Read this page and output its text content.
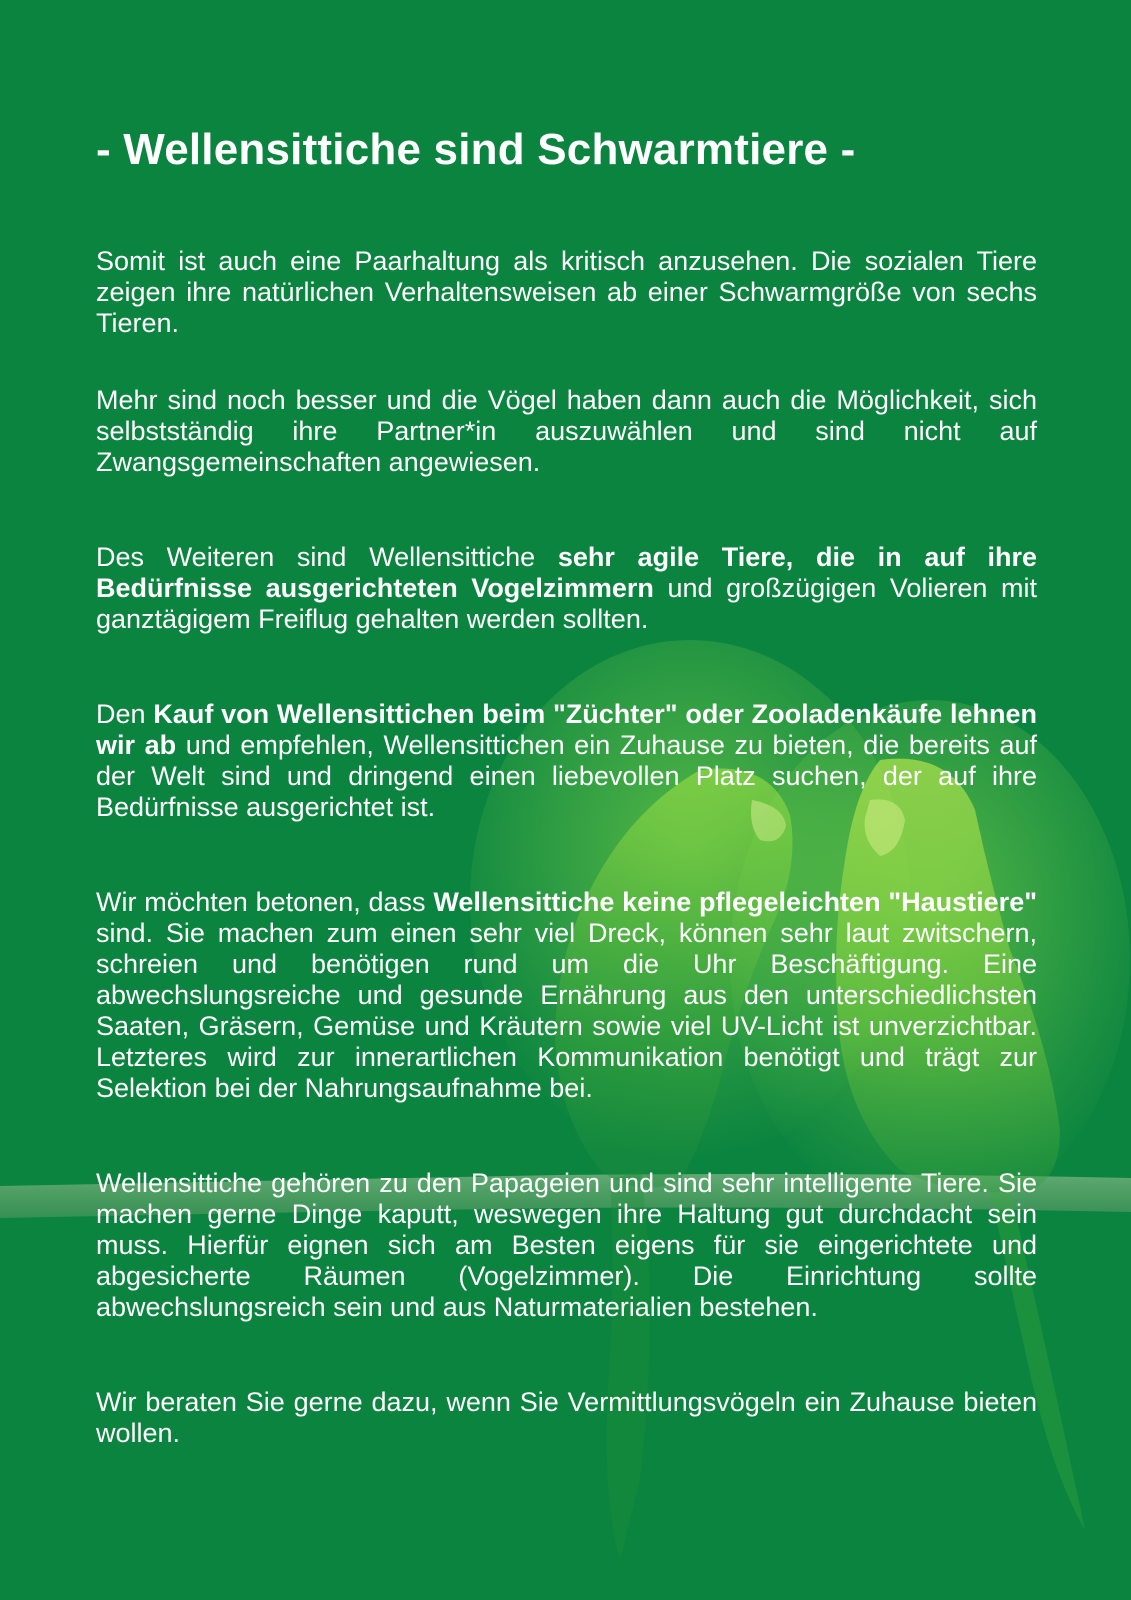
- Wellensittiche sind Schwarmtiere -

Somit ist auch eine Paarhaltung als kritisch anzusehen. Die sozialen Tiere zeigen ihre natürlichen Verhaltensweisen ab einer Schwarmgröße von sechs Tieren.

Mehr sind noch besser und die Vögel haben dann auch die Möglichkeit, sich selbstständig ihre Partner*in auszuwählen und sind nicht auf Zwangsgemeinschaften angewiesen.

Des Weiteren sind Wellensittiche sehr agile Tiere, die in auf ihre Bedürfnisse ausgerichteten Vogelzimmern und großzügigen Volieren mit ganztägigem Freiflug gehalten werden sollten.

Den Kauf von Wellensittichen beim "Züchter" oder Zooladenkäufe lehnen wir ab und empfehlen, Wellensittichen ein Zuhause zu bieten, die bereits auf der Welt sind und dringend einen liebevollen Platz suchen, der auf ihre Bedürfnisse ausgerichtet ist.

Wir möchten betonen, dass Wellensittiche keine pflegeleichten "Haustiere" sind. Sie machen zum einen sehr viel Dreck, können sehr laut zwitschern, schreien und benötigen rund um die Uhr Beschäftigung. Eine abwechslungsreiche und gesunde Ernährung aus den unterschiedlichsten Saaten, Gräsern, Gemüse und Kräutern sowie viel UV-Licht ist unverzichtbar. Letzteres wird zur innerartlichen Kommunikation benötigt und trägt zur Selektion bei der Nahrungsaufnahme bei.

Wellensittiche gehören zu den Papageien und sind sehr intelligente Tiere. Sie machen gerne Dinge kaputt, weswegen ihre Haltung gut durchdacht sein muss. Hierfür eignen sich am Besten eigens für sie eingerichtete und abgesicherte Räumen (Vogelzimmer). Die Einrichtung sollte abwechslungsreich sein und aus Naturmaterialien bestehen.

Wir beraten Sie gerne dazu, wenn Sie Vermittlungsvögeln ein Zuhause bieten wollen.
